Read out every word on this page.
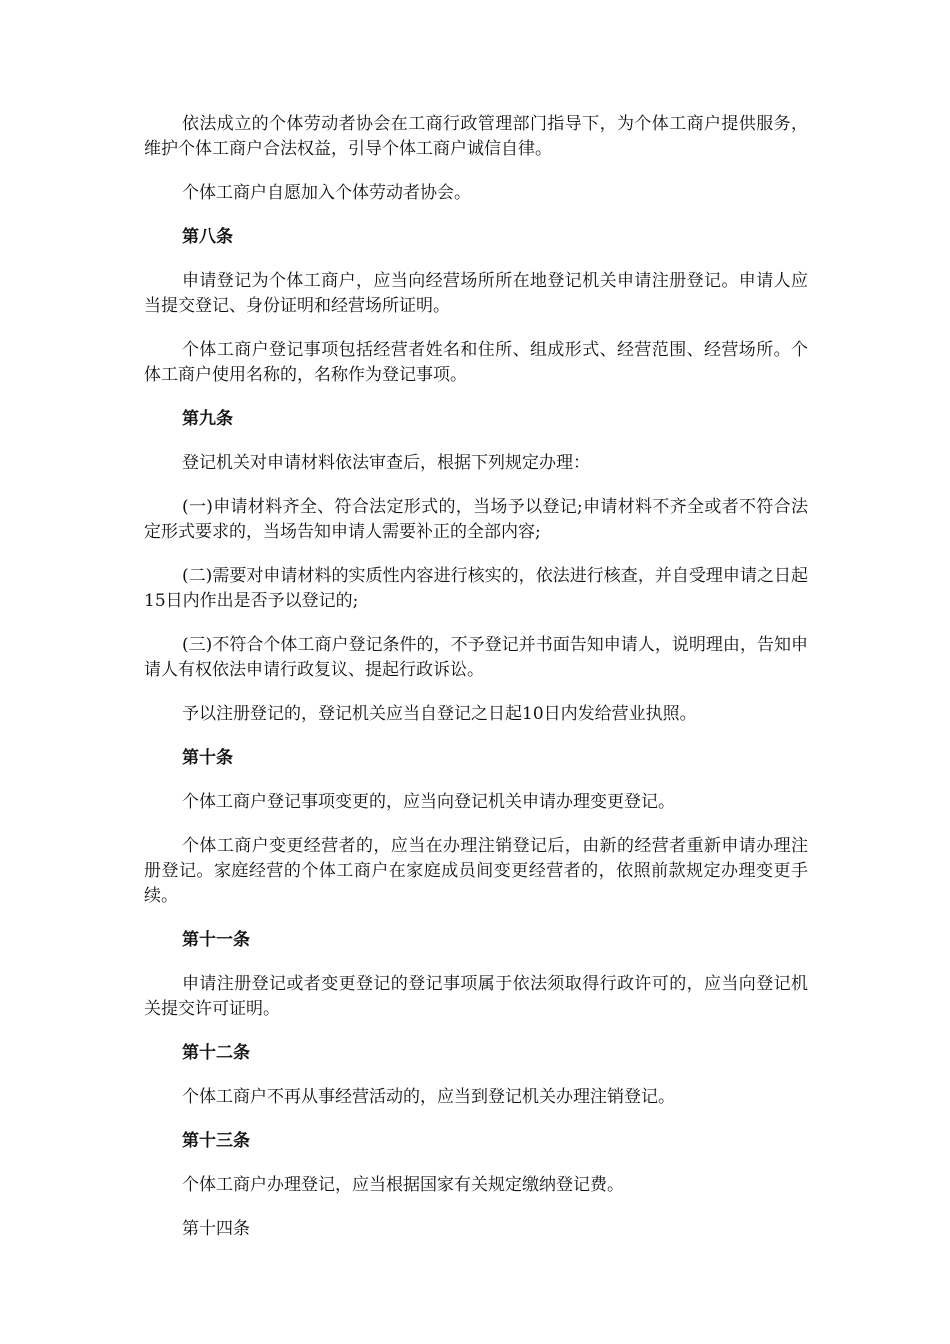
依法成立的个体劳动者协会在工商行政管理部门指导下，为个体工商户提供服务，维护个体工商户合法权益，引导个体工商户诚信自律。

个体工商户自愿加入个体劳动者协会。

第八条

申请登记为个体工商户，应当向经营场所所在地登记机关申请注册登记。申请人应当提交登记、身份证明和经营场所证明。

个体工商户登记事项包括经营者姓名和住所、组成形式、经营范围、经营场所。个体工商户使用名称的，名称作为登记事项。

第九条

登记机关对申请材料依法审查后，根据下列规定办理：

(一)申请材料齐全、符合法定形式的，当场予以登记;申请材料不齐全或者不符合法定形式要求的，当场告知申请人需要补正的全部内容;

(二)需要对申请材料的实质性内容进行核实的，依法进行核查，并自受理申请之日起15日内作出是否予以登记的;

(三)不符合个体工商户登记条件的，不予登记并书面告知申请人，说明理由，告知申请人有权依法申请行政复议、提起行政诉讼。

予以注册登记的，登记机关应当自登记之日起10日内发给营业执照。

第十条

个体工商户登记事项变更的，应当向登记机关申请办理变更登记。

个体工商户变更经营者的，应当在办理注销登记后，由新的经营者重新申请办理注册登记。家庭经营的个体工商户在家庭成员间变更经营者的，依照前款规定办理变更手续。

第十一条

申请注册登记或者变更登记的登记事项属于依法须取得行政许可的，应当向登记机关提交许可证明。

第十二条

个体工商户不再从事经营活动的，应当到登记机关办理注销登记。

第十三条

个体工商户办理登记，应当根据国家有关规定缴纳登记费。

第十四条
